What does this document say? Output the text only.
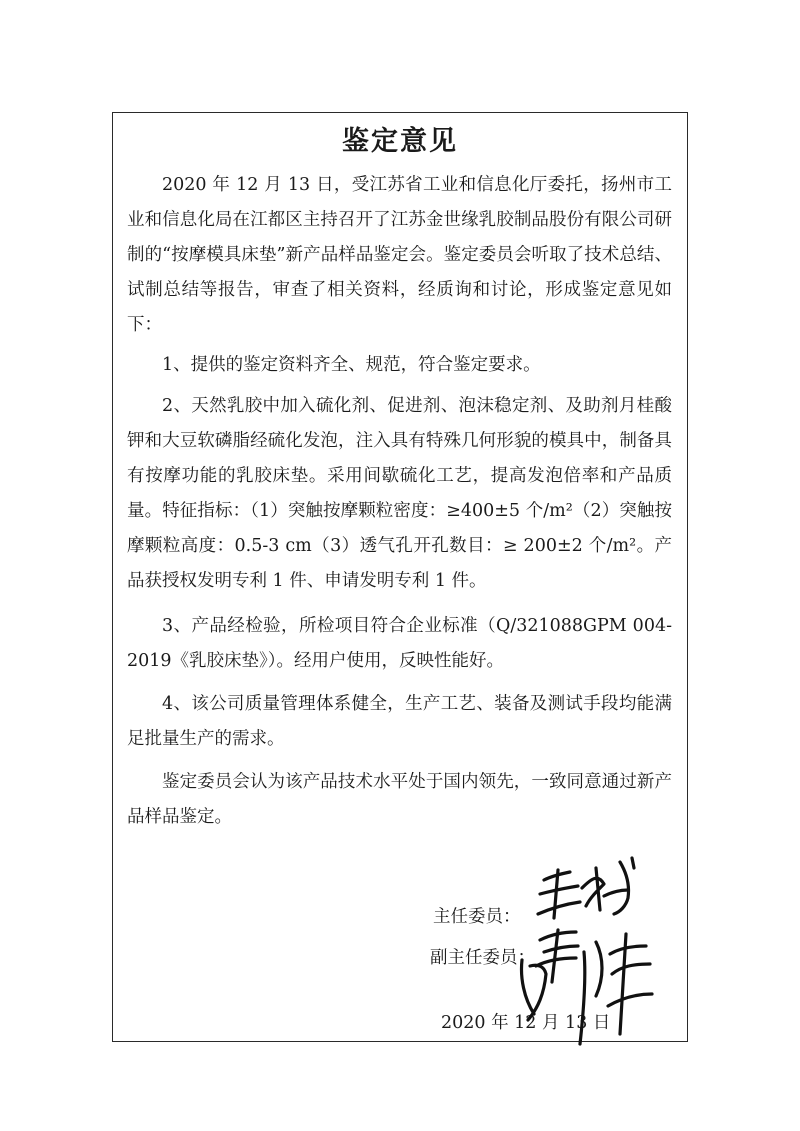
鉴定意见

2020 年 12 月 13 日，受江苏省工业和信息化厅委托，扬州市工业和信息化局在江都区主持召开了江苏金世缘乳胶制品股份有限公司研制的“按摩模具床垫”新产品样品鉴定会。鉴定委员会听取了技术总结、试制总结等报告，审查了相关资料，经质询和讨论，形成鉴定意见如下：

1、提供的鉴定资料齐全、规范，符合鉴定要求。

2、天然乳胶中加入硫化剂、促进剂、泡沫稳定剂、及助剂月桂酸钾和大豆软磷脂经硫化发泡，注入具有特殊几何形貌的模具中，制备具有按摩功能的乳胶床垫。采用间歇硫化工艺，提高发泡倍率和产品质量。特征指标：（1）突触按摩颗粒密度：≥400±5 个/m²（2）突触按摩颗粒高度：0.5-3 cm（3）透气孔开孔数目：≥ 200±2 个/m²。产品获授权发明专利 1 件、申请发明专利 1 件。

3、产品经检验，所检项目符合企业标准（Q/321088GPM 004-2019《乳胶床垫》）。经用户使用，反映性能好。

4、该公司质量管理体系健全，生产工艺、装备及测试手段均能满足批量生产的需求。

鉴定委员会认为该产品技术水平处于国内领先，一致同意通过新产品样品鉴定。

主任委员：
副主任委员：
2020 年 12 月 13 日
